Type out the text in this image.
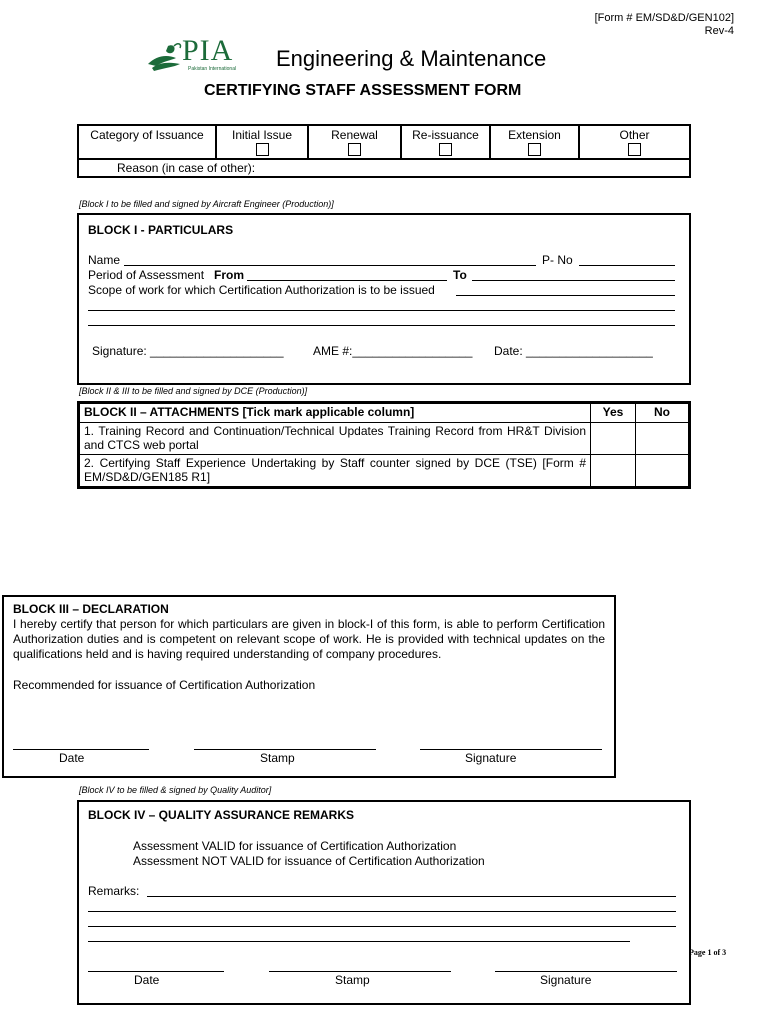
[Form # EM/SD&D/GEN102]
Rev-4
PIA
Pakistan International Engineering & Maintenance
CERTIFYING STAFF ASSESSMENT FORM
Category of Issuance	Initial Issue	Renewal	Re-issuance	Extension	Other
Reason (in case of other):
[Block I to be filled and signed by Aircraft Engineer (Production)]
BLOCK I - PARTICULARS
Name	P- No
Period of Assessment From	To
Scope of work for which Certification Authorization is to be issued
Signature: ____________________ AME #:__________________ Date: ___________________
[Block II & III to be filled and signed by DCE (Production)]
BLOCK II – ATTACHMENTS [Tick mark applicable column]	Yes	No
1. Training Record and Continuation/Technical Updates Training Record from HR&T Division and CTCS web portal		
2. Certifying Staff Experience Undertaking by Staff counter signed by DCE (TSE) [Form # EM/SD&D/GEN185 R1]		
BLOCK III – DECLARATION
I hereby certify that person for which particulars are given in block-I of this form, is able to perform Certification Authorization duties and is competent on relevant scope of work. He is provided with technical updates on the qualifications held and is having required understanding of company procedures.
Recommended for issuance of Certification Authorization
Date	Stamp	Signature
[Block IV to be filled & signed by Quality Auditor]
BLOCK IV – QUALITY ASSURANCE REMARKS
Assessment VALID for issuance of Certification Authorization
Assessment NOT VALID for issuance of Certification Authorization
Remarks:
Date	Stamp	Signature
Page 1 of 3
